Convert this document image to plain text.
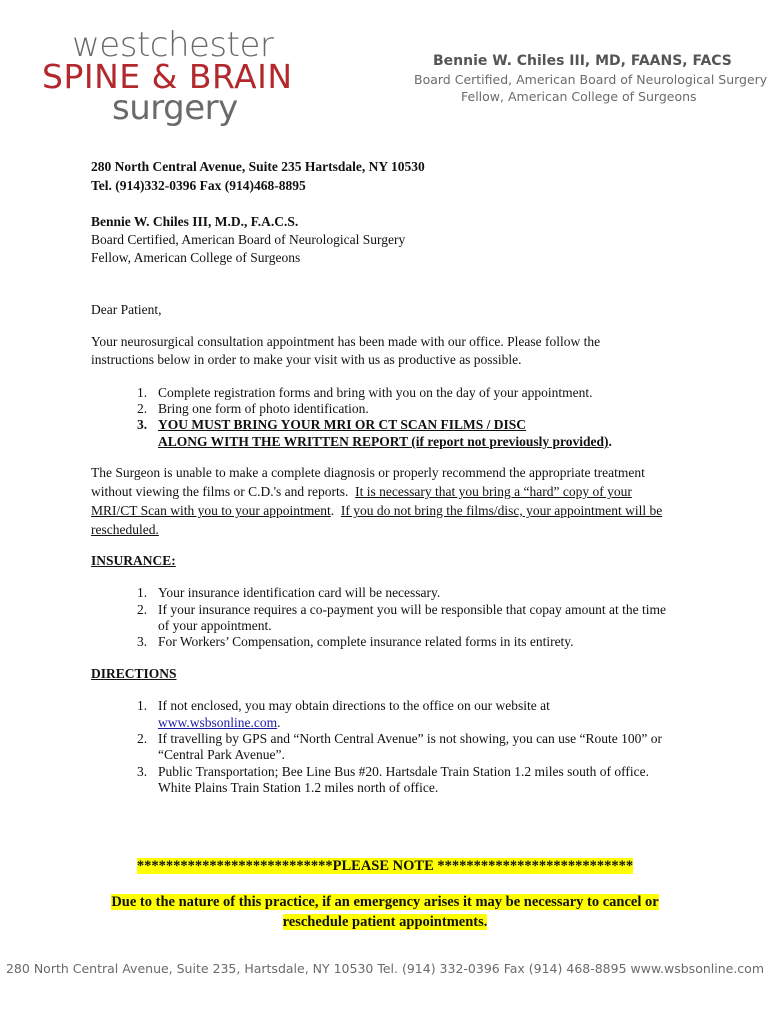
westchester
SPINE & BRAIN
surgery
Bennie W. Chiles III, MD, FAANS, FACS
Board Certified, American Board of Neurological Surgery
Fellow, American College of Surgeons
280 North Central Avenue, Suite 235 Hartsdale, NY 10530
Tel. (914)332-0396 Fax (914)468-8895
Bennie W. Chiles III, M.D., F.A.C.S.
Board Certified, American Board of Neurological Surgery
Fellow, American College of Surgeons
Dear Patient,
Your neurosurgical consultation appointment has been made with our office. Please follow the
instructions below in order to make your visit with us as productive as possible.
1. Complete registration forms and bring with you on the day of your appointment.
2. Bring one form of photo identification.
3. YOU MUST BRING YOUR MRI OR CT SCAN FILMS / DISC
ALONG WITH THE WRITTEN REPORT (if report not previously provided).
The Surgeon is unable to make a complete diagnosis or properly recommend the appropriate treatment
without viewing the films or C.D.'s and reports.  It is necessary that you bring a “hard” copy of your
MRI/CT Scan with you to your appointment.  If you do not bring the films/disc, your appointment will be
rescheduled.
INSURANCE:
1. Your insurance identification card will be necessary.
2. If your insurance requires a co-payment you will be responsible that copay amount at the time
of your appointment.
3. For Workers’ Compensation, complete insurance related forms in its entirety.
DIRECTIONS
1. If not enclosed, you may obtain directions to the office on our website at
www.wsbsonline.com.
2. If travelling by GPS and “North Central Avenue” is not showing, you can use “Route 100” or
“Central Park Avenue”.
3. Public Transportation; Bee Line Bus #20. Hartsdale Train Station 1.2 miles south of office.
White Plains Train Station 1.2 miles north of office.
***************************PLEASE NOTE ***************************
Due to the nature of this practice, if an emergency arises it may be necessary to cancel or
reschedule patient appointments.
280 North Central Avenue, Suite 235, Hartsdale, NY 10530 Tel. (914) 332-0396 Fax (914) 468-8895 www.wsbsonline.com
